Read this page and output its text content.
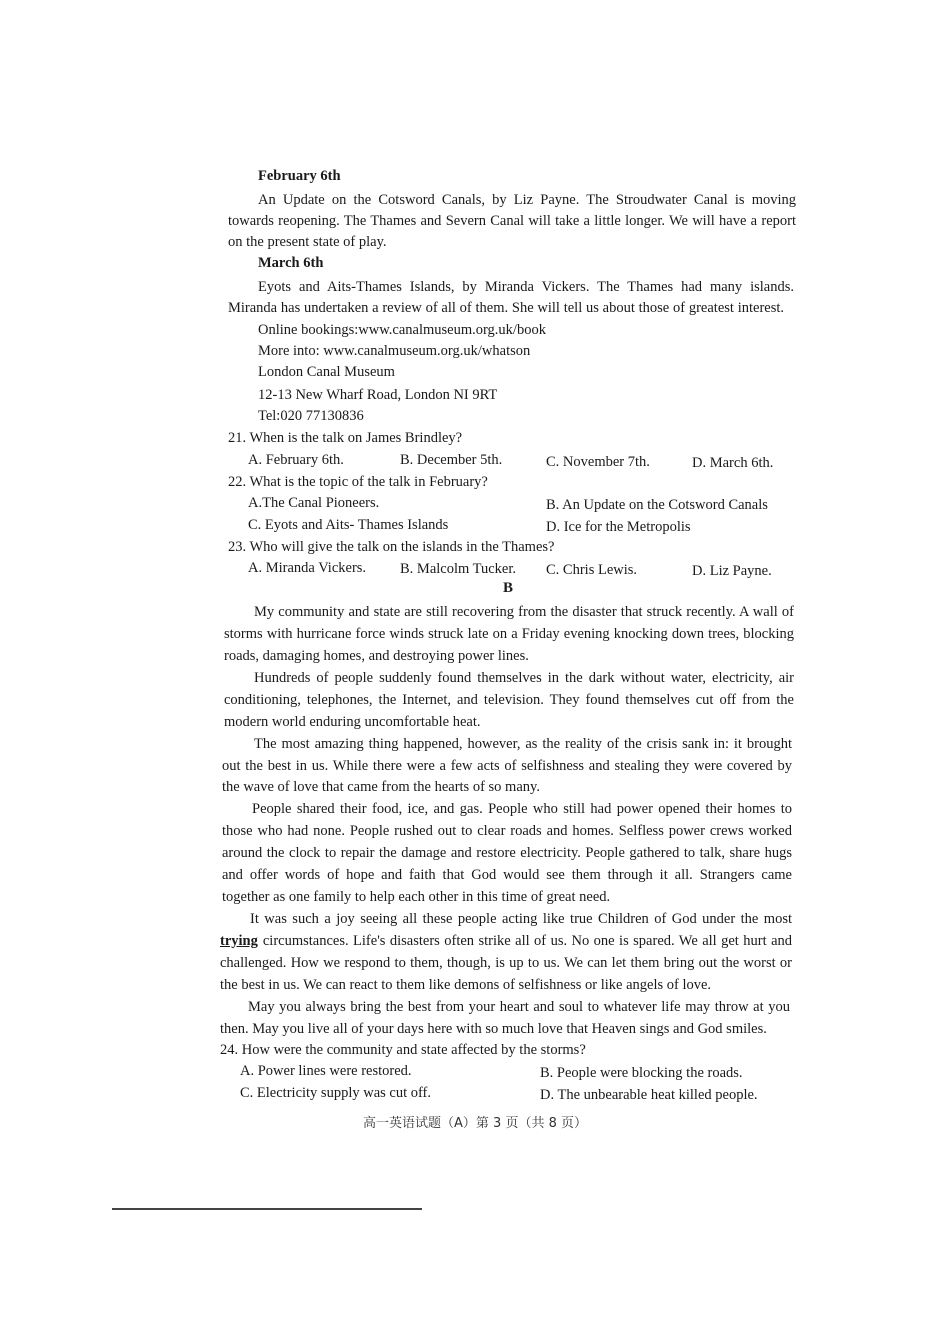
February 6th
An Update on the Cotsword Canals, by Liz Payne. The Stroudwater Canal is moving
towards reopening. The Thames and Severn Canal will take a little longer. We will have a report
on the present state of play.
March 6th
Eyots and Aits-Thames Islands, by Miranda Vickers. The Thames had many islands.
Miranda has undertaken a review of all of them. She will tell us about those of greatest interest.
Online bookings:www.canalmuseum.org.uk/book
More into: www.canalmuseum.org.uk/whatson
London Canal Museum
12-13 New Wharf Road, London NI 9RT
Tel:020 77130836
21. When is the talk on James Brindley?
A. February 6th.	B. December 5th.	C. November 7th.	D. March 6th.
22. What is the topic of the talk in February?
A.The Canal Pioneers.	B. An Update on the Cotsword Canals
C. Eyots and Aits- Thames Islands	D. Ice for the Metropolis
23. Who will give the talk on the islands in the Thames?
A. Miranda Vickers. B. Malcolm Tucker. C. Chris Lewis.	D. Liz Payne.
B
My community and state are still recovering from the disaster that struck recently. A wall of
storms with hurricane force winds struck late on a Friday evening knocking down trees, blocking
roads, damaging homes, and destroying power lines.
Hundreds of people suddenly found themselves in the dark without water, electricity, air
conditioning, telephones, the Internet, and television. They found themselves cut off from the
modern world enduring uncomfortable heat.
The most amazing thing happened, however, as the reality of the crisis sank in: it brought
out the best in us. While there were a few acts of selfishness and stealing they were covered by
the wave of love that came from the hearts of so many.
People shared their food, ice, and gas. People who still had power opened their homes to
those who had none. People rushed out to clear roads and homes. Selfless power crews worked
around the clock to repair the damage and restore electricity. People gathered to talk, share hugs
and offer words of hope and faith that God would see them through it all. Strangers came
together as one family to help each other in this time of great need.
It was such a joy seeing all these people acting like true Children of God under the most
trying circumstances. Life's disasters often strike all of us. No one is spared. We all get hurt and
challenged. How we respond to them, though, is up to us. We can let them bring out the worst or
the best in us. We can react to them like demons of selfishness or like angels of love.
May you always bring the best from your heart and soul to whatever life may throw at you
then. May you live all of your days here with so much love that Heaven sings and God smiles.
24. How were the community and state affected by the storms?
A. Power lines were restored.	B. People were blocking the roads.
C. Electricity supply was cut off.	D. The unbearable heat killed people.
高一英语试题（A）第 3 页（共 8 页）
